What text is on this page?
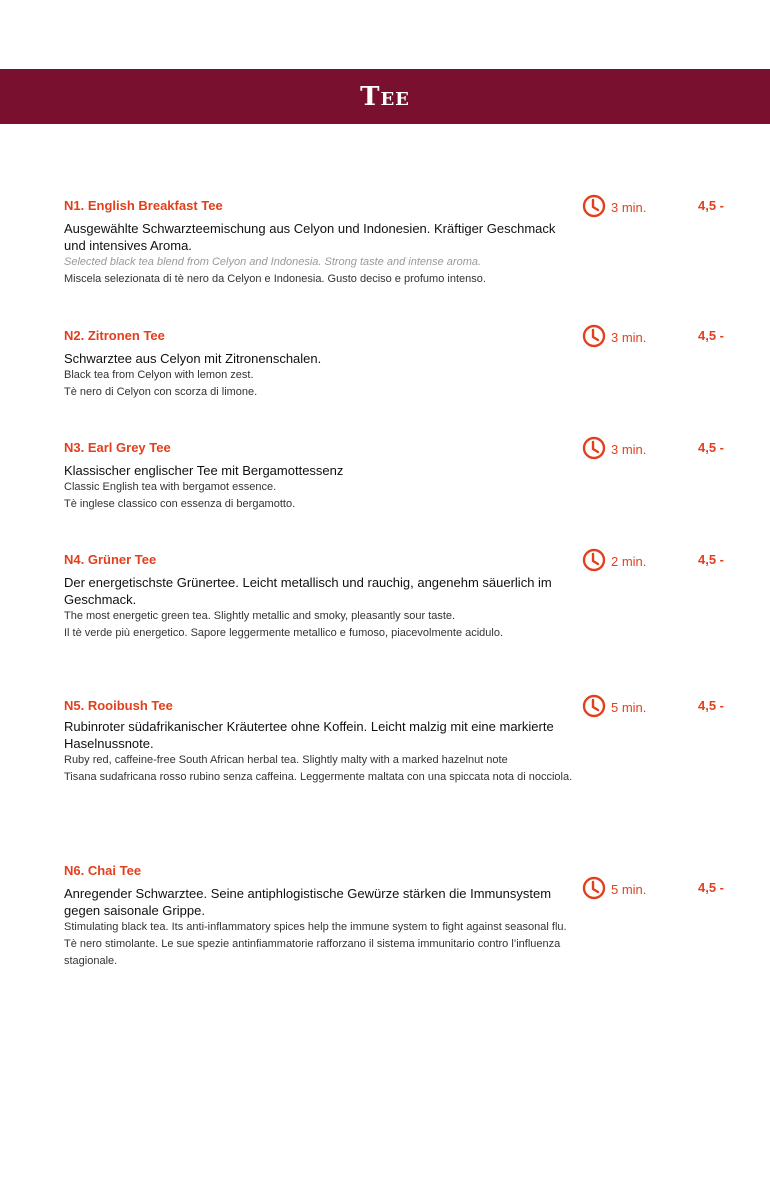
Tee
N1. English Breakfast Tee
Ausgewählte Schwarzteemischung aus Celyon und Indonesien. Kräftiger Geschmack und intensives Aroma.
Selected black tea blend from Celyon and Indonesia. Strong taste and intense aroma.
Miscela selezionata di tè nero da Celyon e Indonesia. Gusto deciso e profumo intenso.
3 min.	4,5 -
N2. Zitronen Tee
Schwarztee aus Celyon mit Zitronenschalen.
Black tea from Celyon with lemon zest.
Tè nero di Celyon con scorza di limone.
3 min.	4,5 -
N3. Earl Grey Tee
Klassischer englischer Tee mit Bergamottessenz
Classic English tea with bergamot essence.
Tè inglese classico con essenza di bergamotto.
3 min.	4,5 -
N4. Grüner Tee
Der energetischste Grünertee. Leicht metallisch und rauchig, angenehm säuerlich im Geschmack.
The most energetic green tea. Slightly metallic and smoky, pleasantly sour taste.
Il tè verde più energetico. Sapore leggermente metallico e fumoso, piacevolmente acidulo.
2 min.	4,5 -
N5. Rooibush Tee
Rubinroter südafrikanischer Kräutertee ohne Koffein. Leicht malzig mit eine markierte Haselnussnote.
Ruby red, caffeine-free South African herbal tea. Slightly malty with a marked hazelnut note
Tisana sudafricana rosso rubino senza caffeina. Leggermente maltata con una spiccata nota di nocciola.
5 min.	4,5 -
N6. Chai Tee
Anregender Schwarztee. Seine antiphlogistische Gewürze stärken die Immunsystem gegen saisonale Grippe.
Stimulating black tea. Its anti-inflammatory spices help the immune system to fight against seasonal flu.
Tè nero stimolante. Le sue spezie antinfiammatorie rafforzano il sistema immunitario contro l’influenza stagionale.
5 min.	4,5 -
